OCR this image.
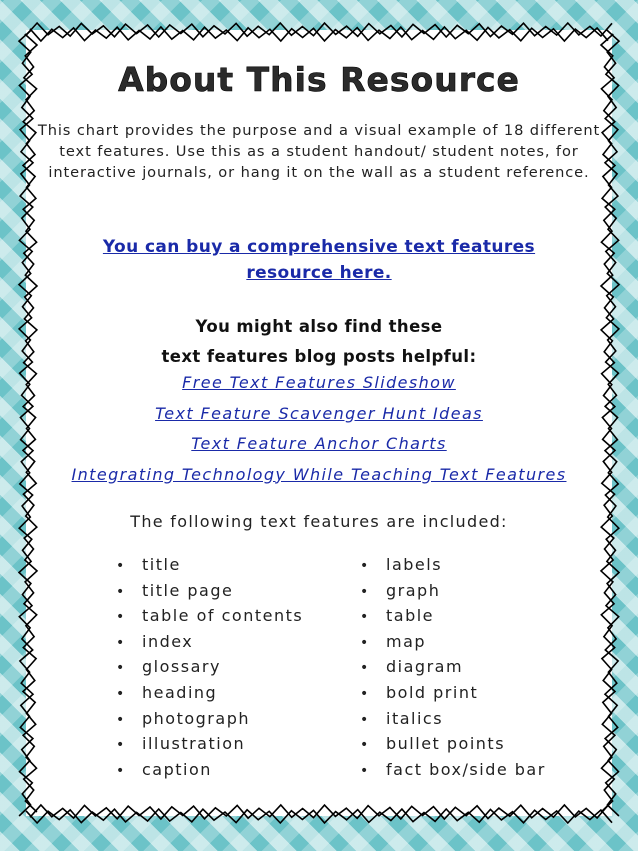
About This Resource
This chart provides the purpose and a visual example of 18 different text features. Use this as a student handout/ student notes, for interactive journals, or hang it on the wall as a student reference.
You can buy a comprehensive text features resource here.
You might also find these
text features blog posts helpful:
Free Text Features Slideshow
Text Feature Scavenger Hunt Ideas
Text Feature Anchor Charts
Integrating Technology While Teaching Text Features
The following text features are included:
• title
• title page
• table of contents
• index
• glossary
• heading
• photograph
• illustration
• caption
• labels
• graph
• table
• map
• diagram
• bold print
• italics
• bullet points
• fact box/side bar
